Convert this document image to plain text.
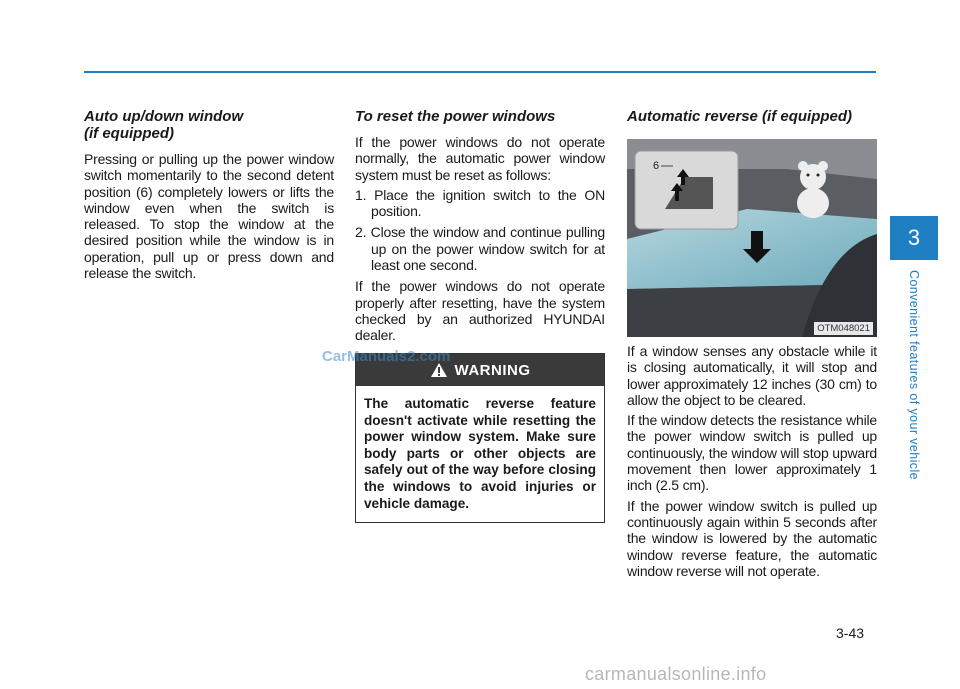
Auto up/down window
(if equipped)

Pressing or pulling up the power window switch momentarily to the second detent position (6) completely lowers or lifts the window even when the switch is released. To stop the window at the desired position while the window is in operation, pull up or press down and release the switch.

To reset the power windows

If the power windows do not operate normally, the automatic power window system must be reset as follows:

1. Place the ignition switch to the ON position.
2. Close the window and continue pulling up on the power window switch for at least one second.

If the power windows do not operate properly after resetting, have the system checked by an authorized HYUNDAI dealer.

WARNING
The automatic reverse feature doesn't activate while resetting the power window system. Make sure body parts or other objects are safely out of the way before closing the windows to avoid injuries or vehicle damage.
Automatic reverse (if equipped)
6
OTM048021

If a window senses any obstacle while it is closing automatically, it will stop and lower approximately 12 inches (30 cm) to allow the object to be cleared.

If the window detects the resistance while the power window switch is pulled up continuously, the window will stop upward movement then lower approximately 1 inch (2.5 cm).

If the power window switch is pulled up continuously again within 5 seconds after the window is lowered by the automatic window reverse feature, the automatic window reverse will not operate.

3
Convenient features of your vehicle
3-43
CarManuals2.com
carmanualsonline.info
